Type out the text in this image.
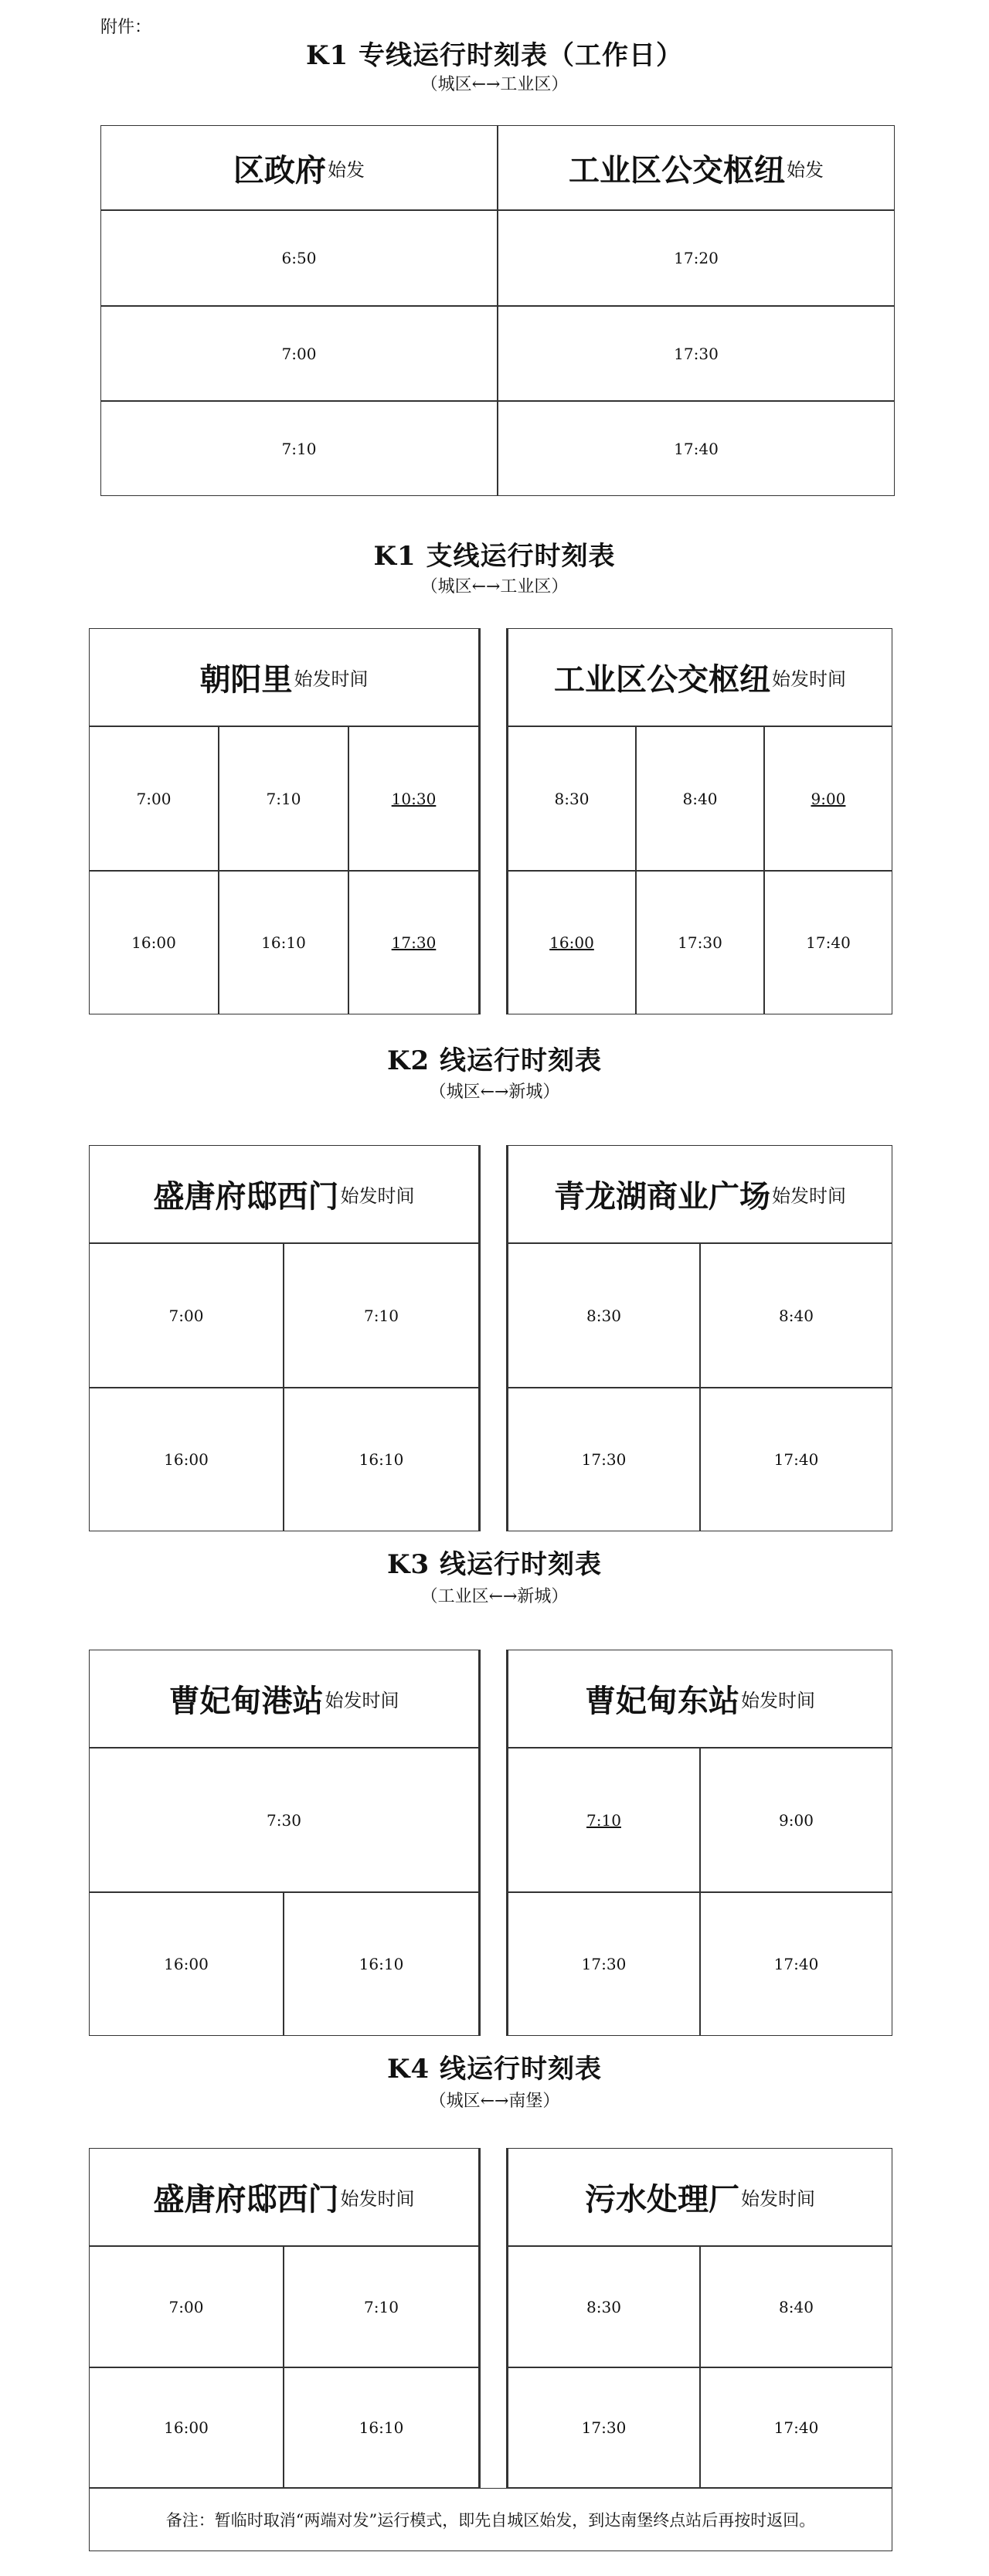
附件：
K1 专线运行时刻表（工作日）
（城区←→工业区）
区政府 始发	工业区公交枢纽 始发
6:50	17:20
7:00	17:30
7:10	17:40
K1 支线运行时刻表
（城区←→工业区）
朝阳里 始发时间	工业区公交枢纽 始发时间
7:00	7:10	10:30
16:00	16:10	17:30
8:30	8:40	9:00
16:00	17:30	17:40
K2 线运行时刻表
（城区←→新城）
盛唐府邸西门 始发时间	青龙湖商业广场 始发时间
7:00	7:10
16:00	16:10
8:30	8:40
17:30	17:40
K3 线运行时刻表
（工业区←→新城）
曹妃甸港站 始发时间	曹妃甸东站 始发时间
7:30
16:00	16:10
7:10	9:00
17:30	17:40
K4 线运行时刻表
（城区←→南堡）
盛唐府邸西门 始发时间	污水处理厂 始发时间
7:00	7:10
16:00	16:10
8:30	8:40
17:30	17:40
备注：暂临时取消“两端对发”运行模式，即先自城区始发，到达南堡终点站后再按时返回。
